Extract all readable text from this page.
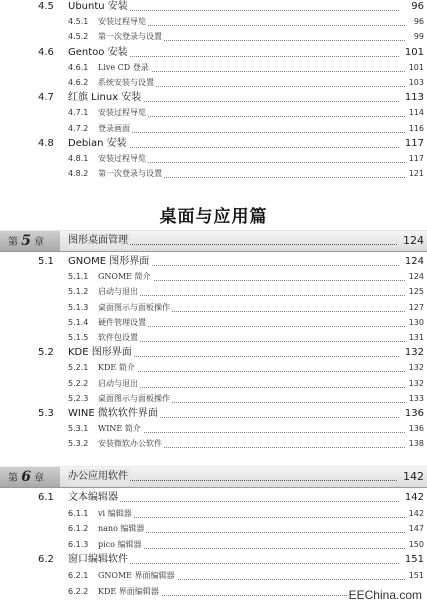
4.5 Ubuntu 安装	96
4.5.1 安装过程导览	96
4.5.2 第一次登录与设置	99
4.6 Gentoo 安装	101
4.6.1 Live CD 登录	101
4.6.2 系统安装与设置	103
4.7 红旗 Linux 安装	113
4.7.1 安装过程导览	114
4.7.2 登录画面	116
4.8 Debian 安装	117
4.8.1 安装过程导览	117
4.8.2 第一次登录与设置	121
桌面与应用篇
第 5 章 图形桌面管理	124
5.1 GNOME 图形界面	124
5.1.1 GNOME 简介	124
5.1.2 启动与退出	125
5.1.3 桌面图示与面板操作	127
5.1.4 硬件管理设置	130
5.1.5 软件包设置	131
5.2 KDE 图形界面	132
5.2.1 KDE 简介	132
5.2.2 启动与退出	132
5.2.3 桌面图示与面板操作	133
5.3 WINE 微软软件界面	136
5.3.1 WINE 简介	136
5.3.2 安装微软办公软件	138
第 6 章 办公应用软件	142
6.1 文本编辑器	142
6.1.1 vi 编辑器	142
6.1.2 nano 编辑器	147
6.1.3 pico 编辑器	150
6.2 窗口编辑软件	151
6.2.1 GNOME 界面编辑器	151
6.2.2 KDE 界面编辑器	EEChina.com
